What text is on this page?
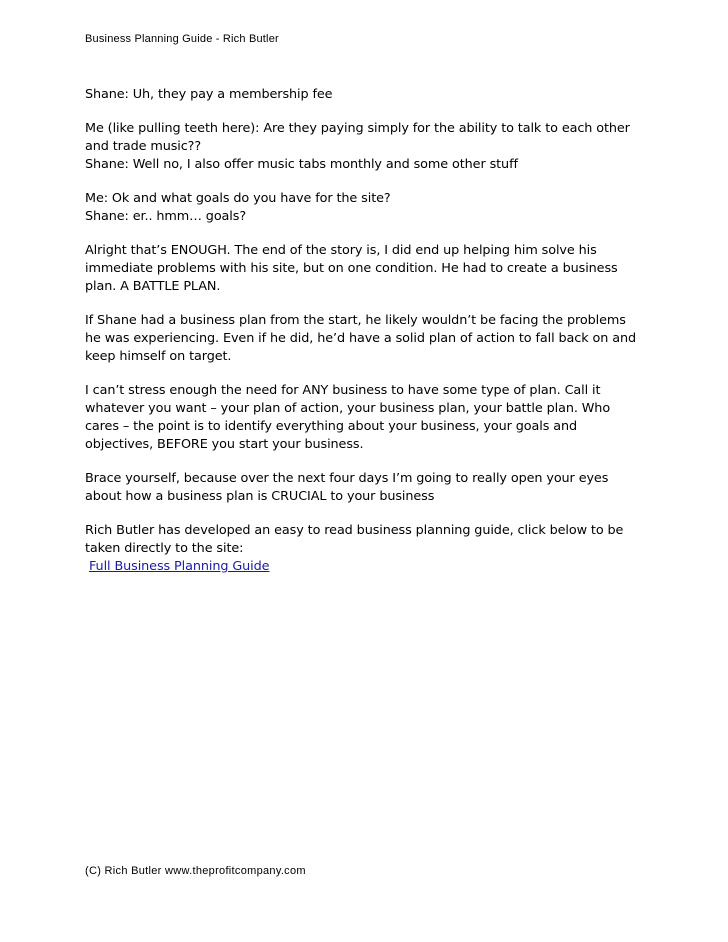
Business Planning Guide - Rich Butler
Shane: Uh, they pay a membership fee
Me (like pulling teeth here): Are they paying simply for the ability to talk to each other
and trade music??
Shane: Well no, I also offer music tabs monthly and some other stuff
Me: Ok and what goals do you have for the site?
Shane: er.. hmm… goals?
Alright that’s ENOUGH. The end of the story is, I did end up helping him solve his
immediate problems with his site, but on one condition. He had to create a business
plan. A BATTLE PLAN.
If Shane had a business plan from the start, he likely wouldn’t be facing the problems
he was experiencing. Even if he did, he’d have a solid plan of action to fall back on and
keep himself on target.
I can’t stress enough the need for ANY business to have some type of plan. Call it
whatever you want – your plan of action, your business plan, your battle plan. Who
cares – the point is to identify everything about your business, your goals and
objectives, BEFORE you start your business.
Brace yourself, because over the next four days I’m going to really open your eyes
about how a business plan is CRUCIAL to your business
Rich Butler has developed an easy to read business planning guide, click below to be
taken directly to the site:
Full Business Planning Guide
(C) Rich Butler www.theprofitcompany.com
